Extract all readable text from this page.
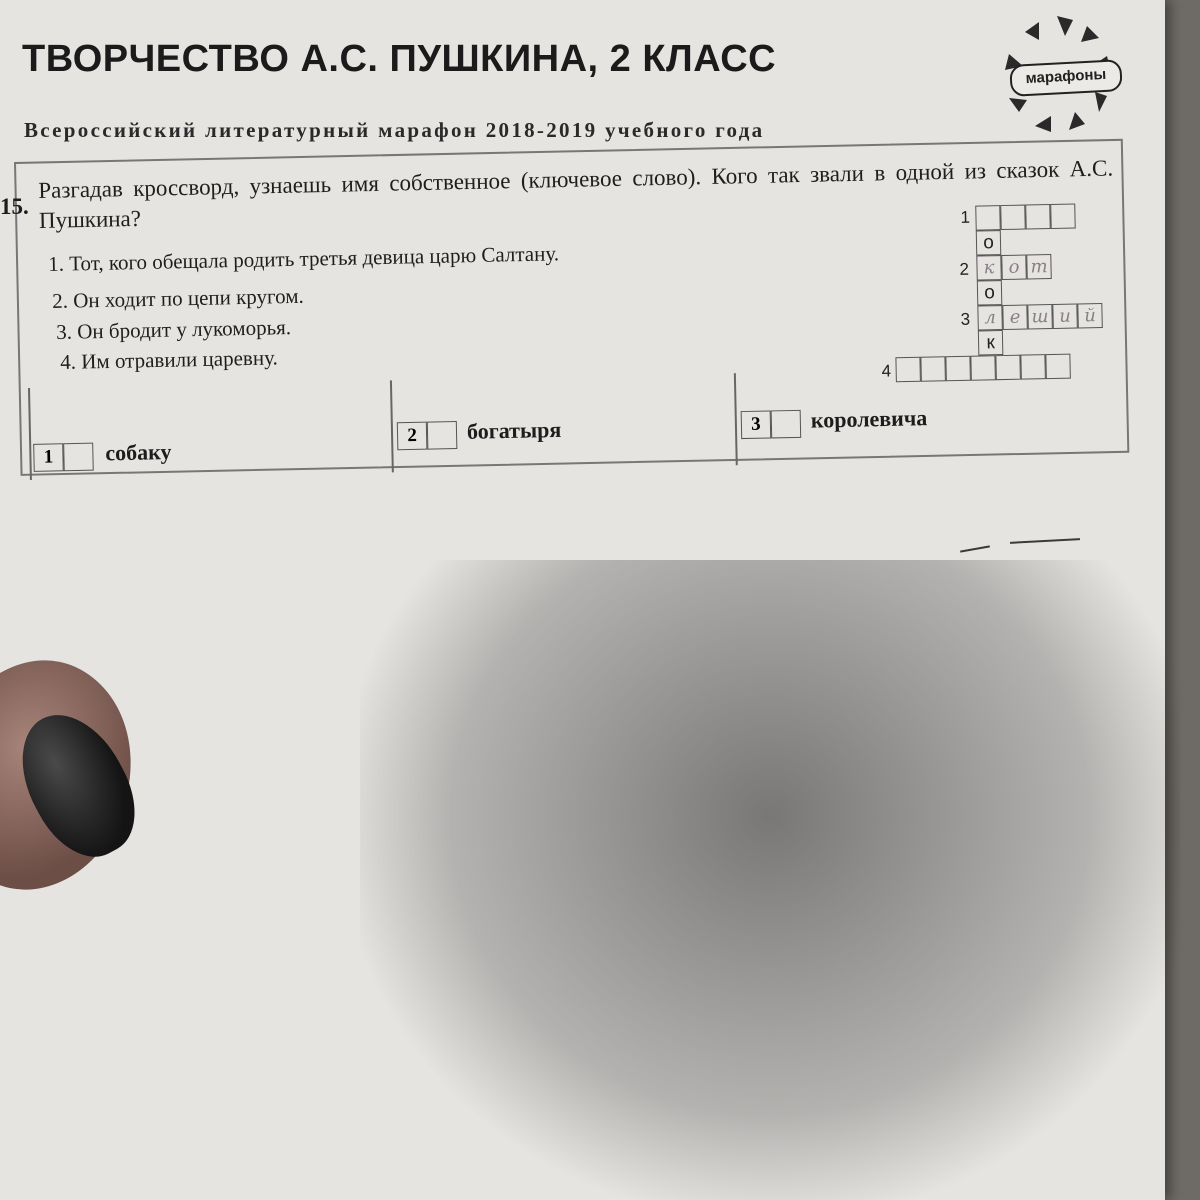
ТВОРЧЕСТВО А.С. ПУШКИНА, 2 КЛАСС

Всероссийский литературный марафон 2018-2019 учебного года

марафоны
15.

Разгадав кроссворд, узнаешь имя собственное (ключевое слово). Кого так звали в одной из сказок А.С. Пушкина?

1. Тот, кого обещала родить третья девица царю Салтану.
2. Он ходит по цепи кругом.
3. Он бродит у лукоморья.
4. Им отравили царевну.
1
о
2 к о т
о
3 л е ш и й
к
4
1	собаку
2	богатыря	3	королевича
